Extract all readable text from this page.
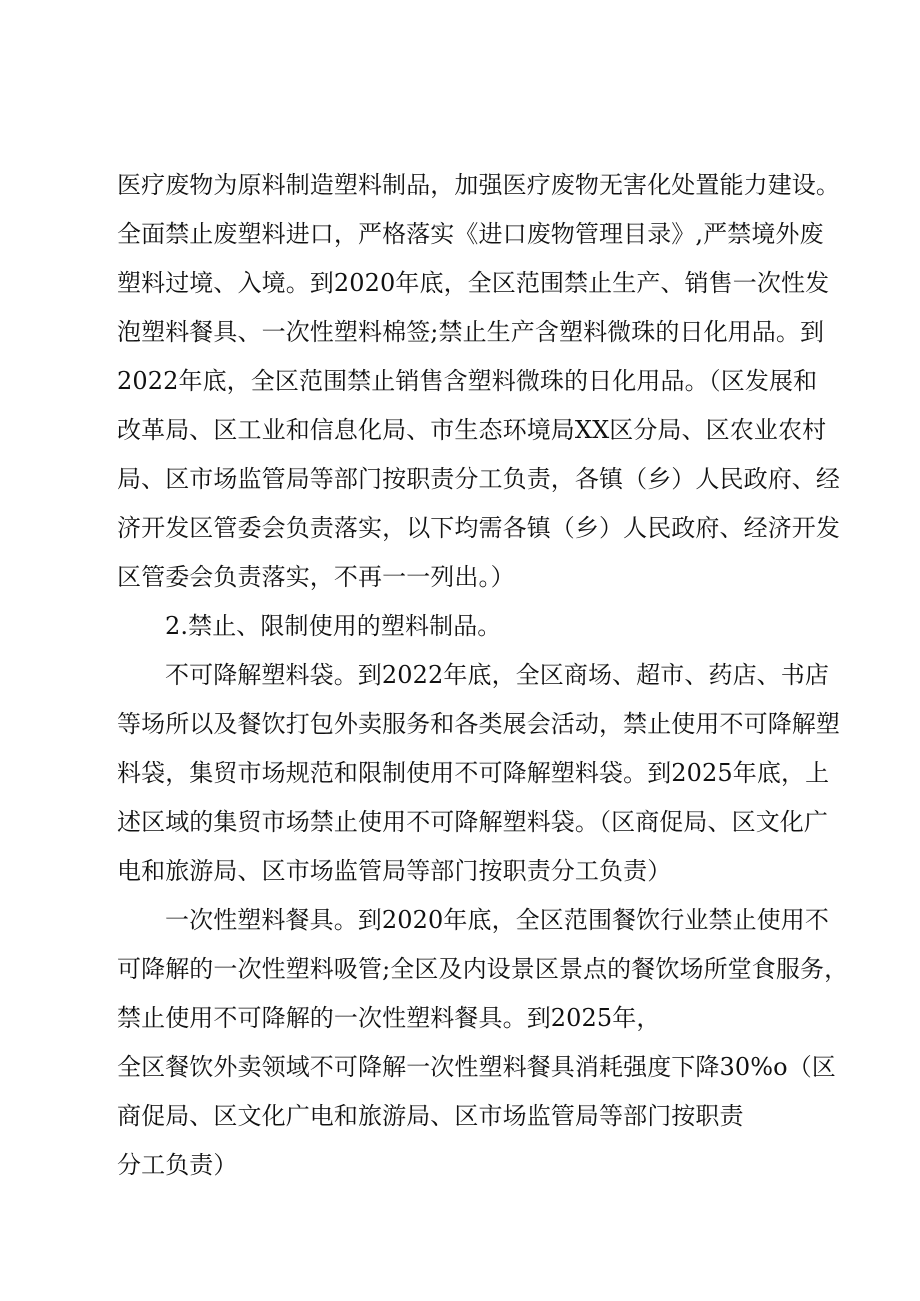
医疗废物为原料制造塑料制品，加强医疗废物无害化处置能力建设。
全面禁止废塑料进口，严格落实《进口废物管理目录》,严禁境外废
塑料过境、入境。到2020年底，全区范围禁止生产、销售一次性发
泡塑料餐具、一次性塑料棉签;禁止生产含塑料微珠的日化用品。到
2022年底，全区范围禁止销售含塑料微珠的日化用品。（区发展和
改革局、区工业和信息化局、市生态环境局XX区分局、区农业农村
局、区市场监管局等部门按职责分工负责，各镇（乡）人民政府、经
济开发区管委会负责落实，以下均需各镇（乡）人民政府、经济开发
区管委会负责落实，不再一一列出。）
2.禁止、限制使用的塑料制品。
不可降解塑料袋。到2022年底，全区商场、超市、药店、书店
等场所以及餐饮打包外卖服务和各类展会活动，禁止使用不可降解塑
料袋，集贸市场规范和限制使用不可降解塑料袋。到2025年底，上
述区域的集贸市场禁止使用不可降解塑料袋。（区商促局、区文化广
电和旅游局、区市场监管局等部门按职责分工负责）
一次性塑料餐具。到2020年底，全区范围餐饮行业禁止使用不
可降解的一次性塑料吸管;全区及内设景区景点的餐饮场所堂食服务，
禁止使用不可降解的一次性塑料餐具。到2025年，
全区餐饮外卖领域不可降解一次性塑料餐具消耗强度下降30%o（区
商促局、区文化广电和旅游局、区市场监管局等部门按职责
分工负责）
